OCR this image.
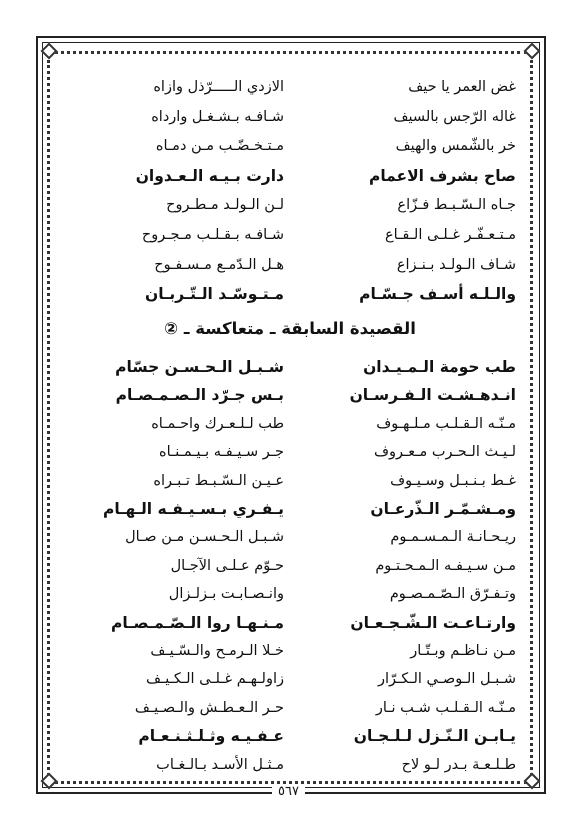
غض العمر يا حيف
الازدي الـــــرّذل وازاه
غاله الرّجس بالسيف
شـافـه بـشـغـل وارداه
خر بالشّمس والهيف
مـتـخـضّـب مـن دمـاه
صاح بشرف الاعمام
دارت بـيـه الـعـدوان
جـاه الـسّـبـط فـزّاع
لـن الـولـد مـطـروح
مـتـعـفّـر غـلـى الـقـاع
شـافـه بـقـلـب مـجـروح
شـاف الـولـد بـنـزاع
هـل الـدّمـع مـسـفـوح
والـلـه أسـف جـسّـام
مـتـوسّـد الـتّـربـان
القصيدة السابقة ـ متعاكسة ـ ②
طب حومة الـمـيـدان
شـبـل الـحـسـن جسّام
انـدهـشـت الـفـرسـان
بـس جـرّد الـصـمـصـام
مـنّـه الـقـلـب مـلـهـوف
طب لـلـعـرك واحـمـاه
لـيـث الـحـرب مـعـروف
جـر سـيـفـه بـيـمـنـاه
غـط بـنـبـل وسـيـوف
عـيـن الـسّـبـط تـبـراه
ومـشـمّـر الـذّرعـان
يـفـري بـسـيـفـه الـهـام
ريـحـانـة الـمـسـمـوم
شـبـل الـحـسـن مـن صـال
مـن سـيـفـه الـمـحـتـوم
حـوّم عـلـى الآجـال
وتـفـرّق الـصّـمـصـوم
وانـصـابـت بـزلـزال
وارتـاعـت الـشّـجـعـان
مـنـهـا روا الـصّـمـصـام
مـن نـاظـم وبـتّـار
خـلا الـرمـح والـسّـيـف
شـبـل الـوصـي الـكـرّار
زاولـهـم غـلـى الـكـيـف
مـنّـه الـقـلـب شـب نـار
حـر الـعـطـش والـصـيـف
يـابـن الـنّـزل لـلـجـان
عـفـيـه وثـلـثـنـعـام
طـلـعـة بـدر لـو لاح
مـثـل الأسـد بـالـغـاب
٥٦٧
